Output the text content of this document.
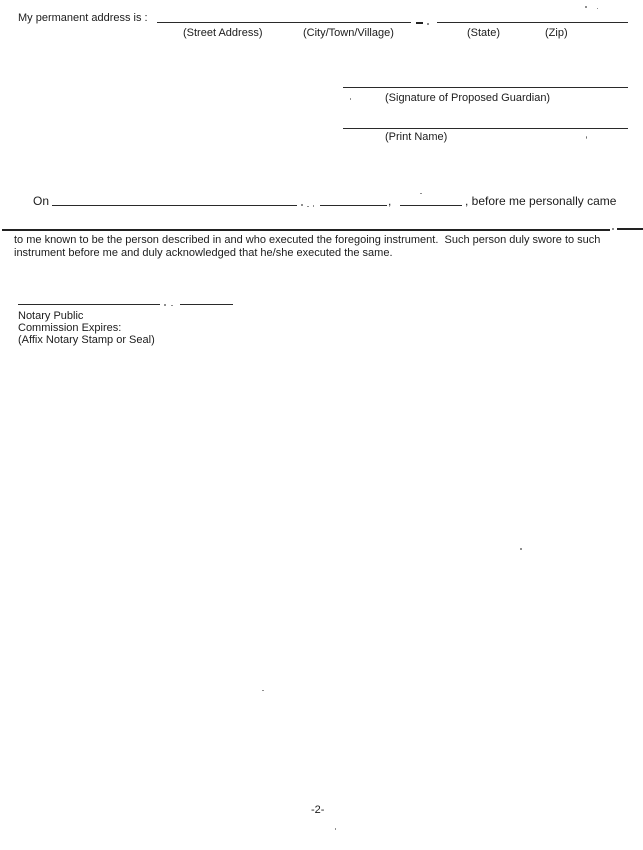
My permanent address is :
(Street Address)	(City/Town/Village)	(State)	(Zip)
(Signature of Proposed Guardian)
(Print Name)
On	,	, before me personally came
to me known to be the person described in and who executed the foregoing instrument.  Such person duly swore to such
instrument before me and duly acknowledged that he/she executed the same.
Notary Public
Commission Expires:
(Affix Notary Stamp or Seal)
-2-
